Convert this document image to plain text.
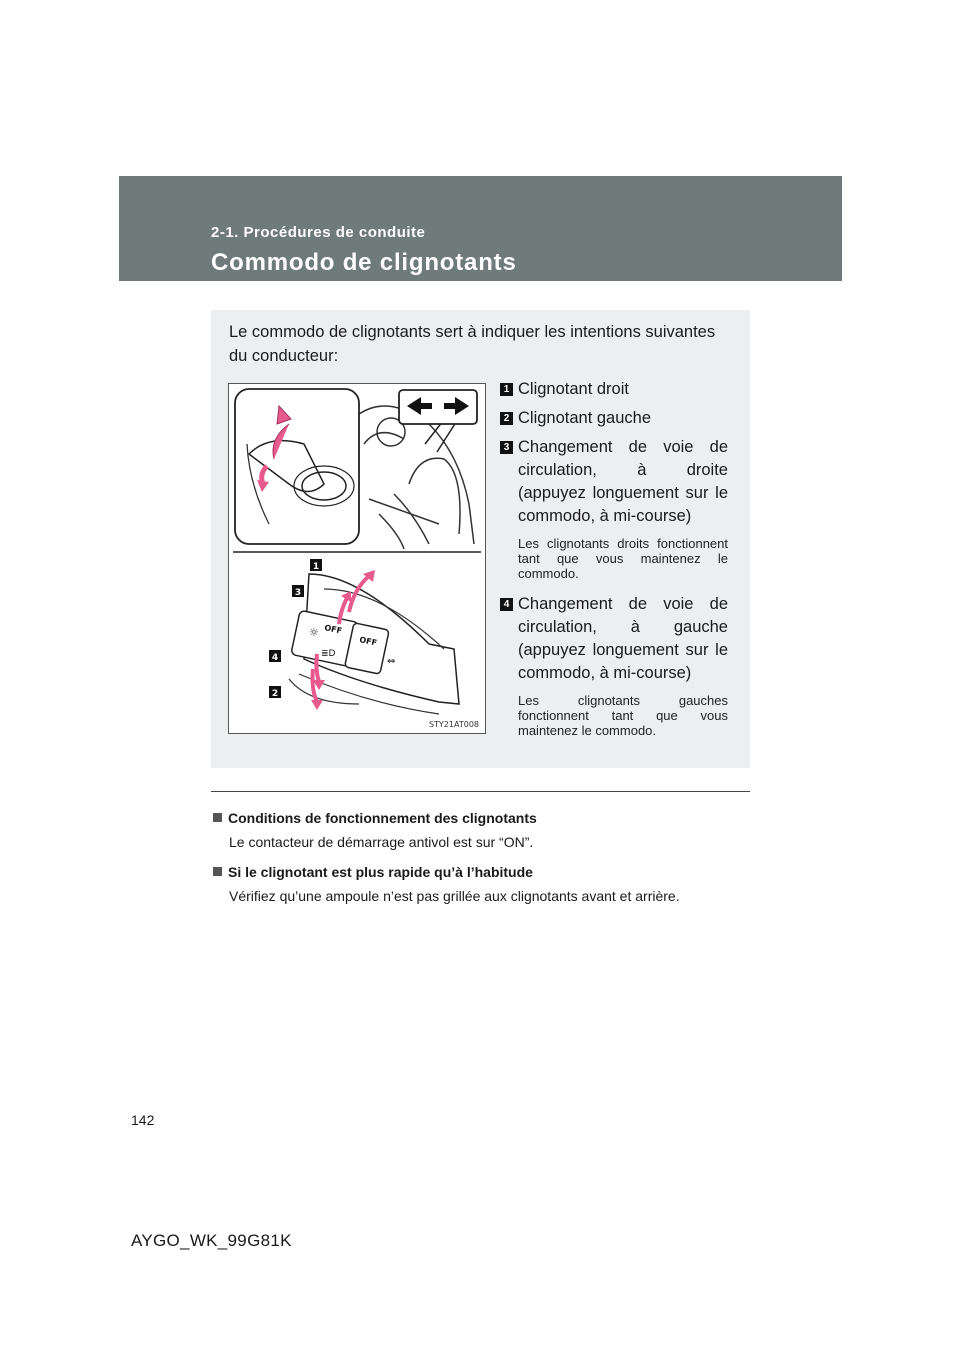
2-1. Procédures de conduite
Commodo de clignotants
Le commodo de clignotants sert à indiquer les intentions suivantes du conducteur:
OFF
OFF
☼
≣D
⇔
1
3
4
2
STY21AT008
1 Clignotant droit
2 Clignotant gauche
3 Changement de voie de circulation, à droite (appuyez longuement sur le commodo, à mi-course)
Les clignotants droits fonctionnent tant que vous maintenez le commodo.
4 Changement de voie de circulation, à gauche (appuyez longuement sur le commodo, à mi-course)
Les clignotants gauches fonctionnent tant que vous maintenez le commodo.
Conditions de fonctionnement des clignotants
Le contacteur de démarrage antivol est sur “ON”.
Si le clignotant est plus rapide qu’à l’habitude
Vérifiez qu’une ampoule n’est pas grillée aux clignotants avant et arrière.
142
AYGO_WK_99G81K
